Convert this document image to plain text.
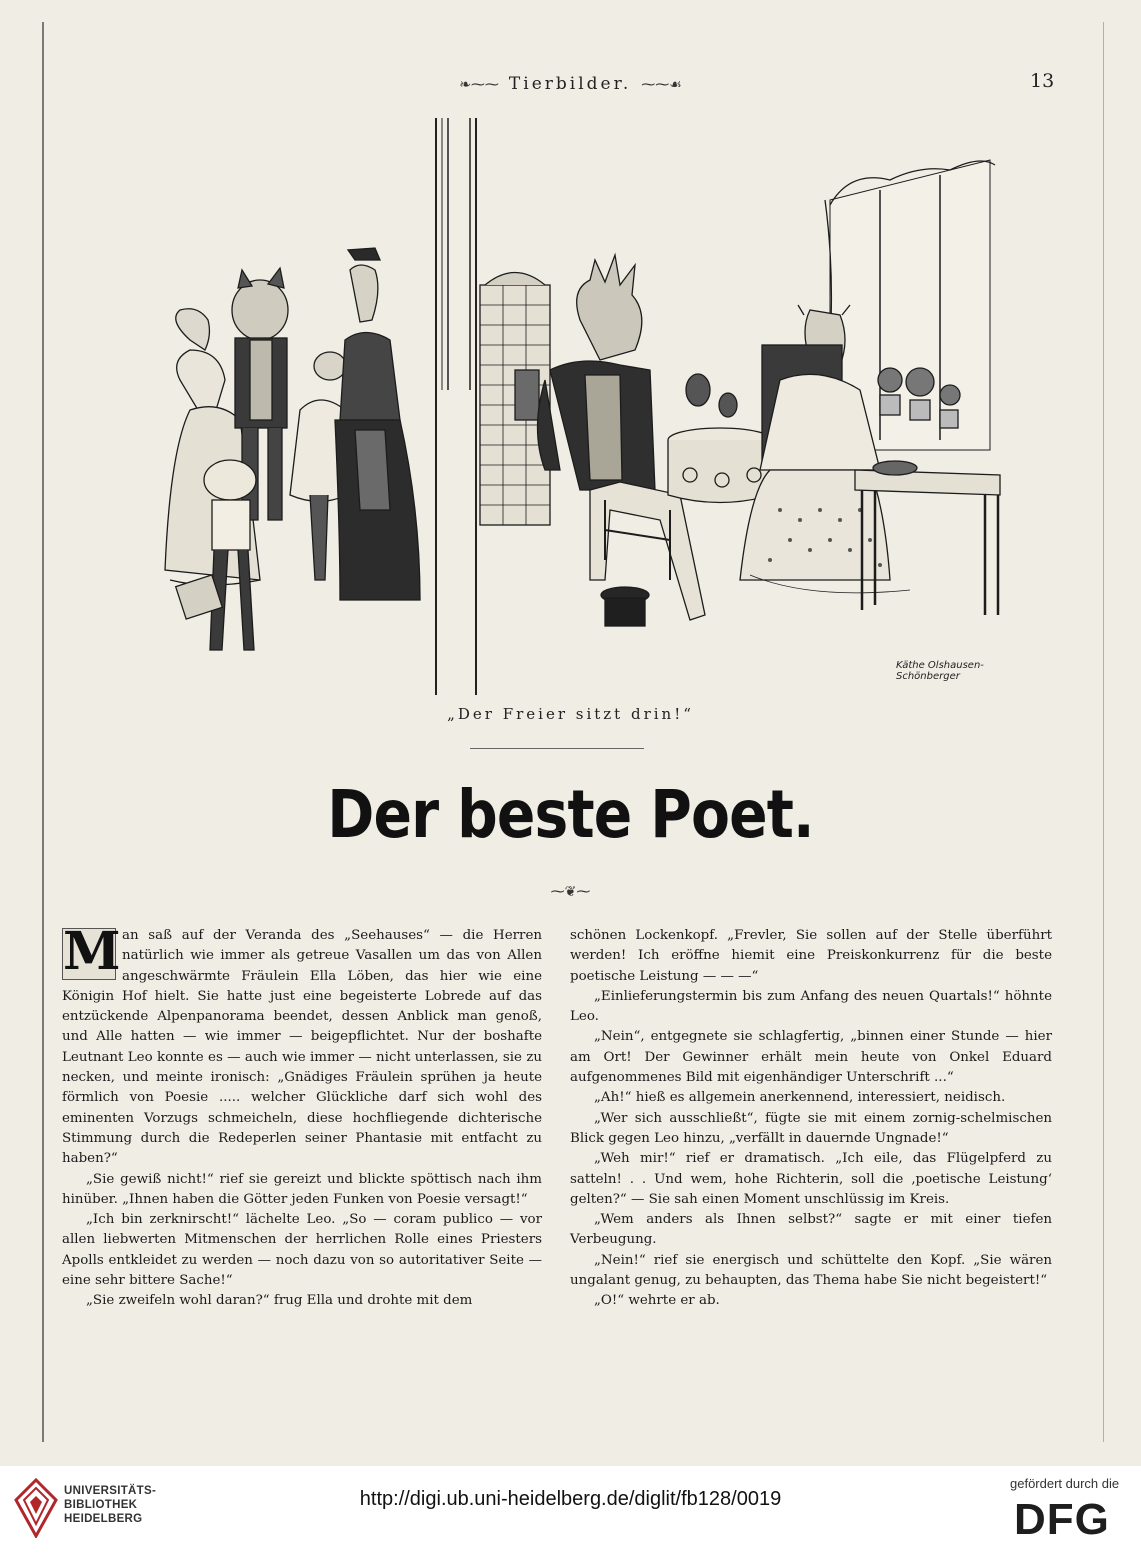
❧⁓⁓ Tierbilder. ⁓⁓☙	13
Käthe Olshausen-
Schönberger
„Der Freier sitzt drin!“
Der beste Poet.
⁓❦⁓

M an saß auf der Veranda des „Seehauses“ — die Herren natürlich wie immer als getreue Vasallen um das von Allen angeschwärmte Fräulein Ella Löben, das hier wie eine Königin Hof hielt. Sie hatte just eine begeisterte Lobrede auf das entzückende Alpenpanorama beendet, dessen Anblick man genoß, und Alle hatten — wie immer — beigepflichtet. Nur der boshafte Leutnant Leo konnte es — auch wie immer — nicht unterlassen, sie zu necken, und meinte ironisch: „Gnädiges Fräulein sprühen ja heute förmlich von Poesie ..... welcher Glückliche darf sich wohl des eminenten Vorzugs schmeicheln, diese hochfliegende dichterische Stimmung durch die Redeperlen seiner Phantasie mit entfacht zu haben?“

„Sie gewiß nicht!“ rief sie gereizt und blickte spöttisch nach ihm hinüber. „Ihnen haben die Götter jeden Funken von Poesie versagt!“

„Ich bin zerknirscht!“ lächelte Leo. „So — coram publico — vor allen liebwerten Mitmenschen der herrlichen Rolle eines Priesters Apolls entkleidet zu werden — noch dazu von so autoritativer Seite — eine sehr bittere Sache!“

„Sie zweifeln wohl daran?“ frug Ella und drohte mit dem

schönen Lockenkopf. „Frevler, Sie sollen auf der Stelle überführt werden! Ich eröffne hiemit eine Preiskonkurrenz für die beste poetische Leistung — — —“

„Einlieferungstermin bis zum Anfang des neuen Quartals!“ höhnte Leo.

„Nein“, entgegnete sie schlagfertig, „binnen einer Stunde — hier am Ort! Der Gewinner erhält mein heute von Onkel Eduard aufgenommenes Bild mit eigenhändiger Unterschrift ...“

„Ah!“ hieß es allgemein anerkennend, interessiert, neidisch.

„Wer sich ausschließt“, fügte sie mit einem zornig-schelmischen Blick gegen Leo hinzu, „verfällt in dauernde Ungnade!“

„Weh mir!“ rief er dramatisch. „Ich eile, das Flügelpferd zu satteln! . . Und wem, hohe Richterin, soll die ‚poetische Leistung‘ gelten?“ — Sie sah einen Moment unschlüssig im Kreis.

„Wem anders als Ihnen selbst?“ sagte er mit einer tiefen Verbeugung.

„Nein!“ rief sie energisch und schüttelte den Kopf. „Sie wären ungalant genug, zu behaupten, das Thema habe Sie nicht begeistert!“

„O!“ wehrte er ab.

UNIVERSITÄTS-
BIBLIOTHEK
HEIDELBERG
http://digi.ub.uni-heidelberg.de/diglit/fb128/0019
gefördert durch die
DFG
